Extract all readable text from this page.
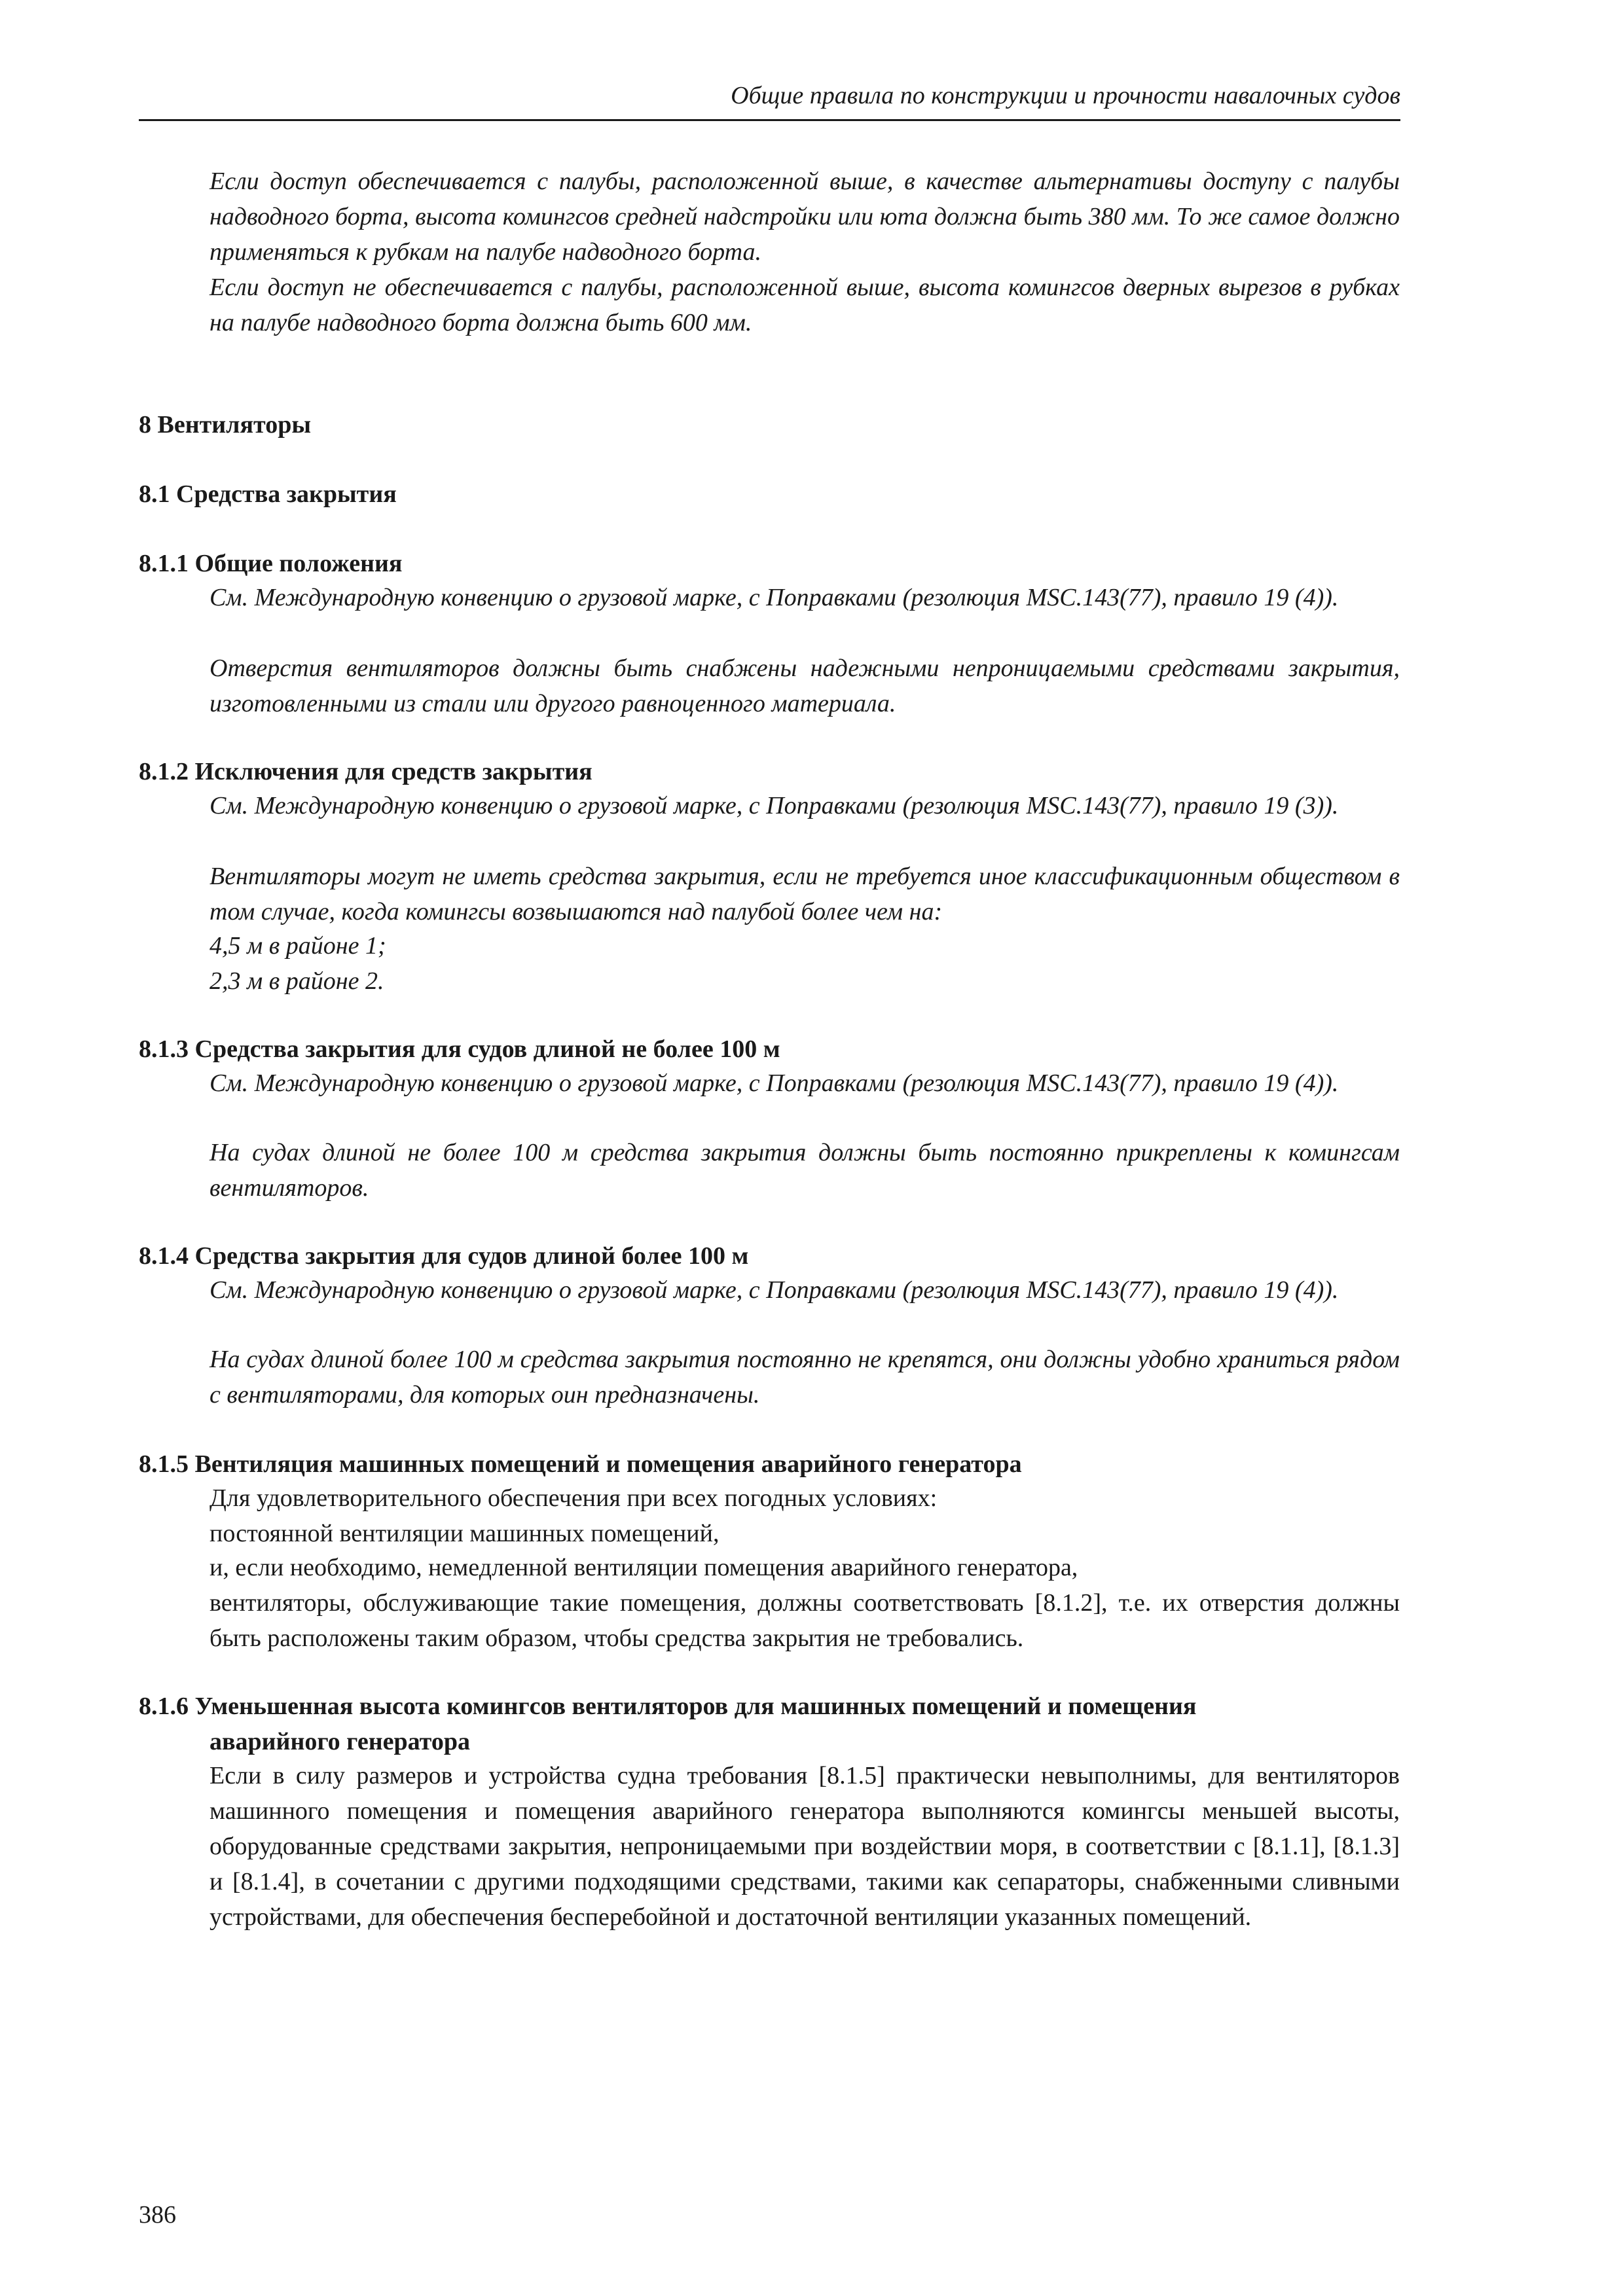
Общие правила по конструкции и прочности навалочных судов

Если доступ обеспечивается с палубы, расположенной выше, в качестве альтернативы доступу с палубы надводного борта, высота комингсов средней надстройки или юта должна быть 380 мм. То же самое должно применяться к рубкам на палубе надводного борта.

Если доступ не обеспечивается с палубы, расположенной выше, высота комингсов дверных вырезов в рубках на палубе надводного борта должна быть 600 мм.

8 Вентиляторы
8.1 Средства закрытия
8.1.1 Общие положения

См. Международную конвенцию о грузовой марке, с Поправками (резолюция MSC.143(77), правило 19 (4)).

Отверстия вентиляторов должны быть снабжены надежными непроницаемыми средствами закрытия, изготовленными из стали или другого равноценного материала.

8.1.2 Исключения для средств закрытия

См. Международную конвенцию о грузовой марке, с Поправками (резолюция MSC.143(77), правило 19 (3)).

Вентиляторы могут не иметь средства закрытия, если не требуется иное классификационным обществом в том случае, когда комингсы возвышаются над палубой более чем на:

4,5 м в районе 1;

2,3 м в районе 2.

8.1.3 Средства закрытия для судов длиной не более 100 м

См. Международную конвенцию о грузовой марке, с Поправками (резолюция MSC.143(77), правило 19 (4)).

На судах длиной не более 100 м средства закрытия должны быть постоянно прикреплены к комингсам вентиляторов.

8.1.4 Средства закрытия для судов длиной более 100 м

См. Международную конвенцию о грузовой марке, с Поправками (резолюция MSC.143(77), правило 19 (4)).

На судах длиной более 100 м средства закрытия постоянно не крепятся, они должны удобно храниться рядом с вентиляторами, для которых оин предназначены.

8.1.5 Вентиляция машинных помещений и помещения аварийного генератора

Для удовлетворительного обеспечения при всех погодных условиях:

постоянной вентиляции машинных помещений,

и, если необходимо, немедленной вентиляции помещения аварийного генератора,

вентиляторы, обслуживающие такие помещения, должны соответствовать [8.1.2], т.е. их отверстия должны быть расположены таким образом, чтобы средства закрытия не требовались.

8.1.6 Уменьшенная высота комингсов вентиляторов для машинных помещений и помещения
аварийного генератора

Если в силу размеров и устройства судна требования [8.1.5] практически невыполнимы, для вентиляторов машинного помещения и помещения аварийного генератора выполняются комингсы меньшей высоты, оборудованные средствами закрытия, непроницаемыми при воздействии моря, в соответствии с [8.1.1], [8.1.3] и [8.1.4], в сочетании с другими подходящими средствами, такими как сепараторы, снабженными сливными устройствами, для обеспечения бесперебойной и достаточной вентиляции указанных помещений.

386
